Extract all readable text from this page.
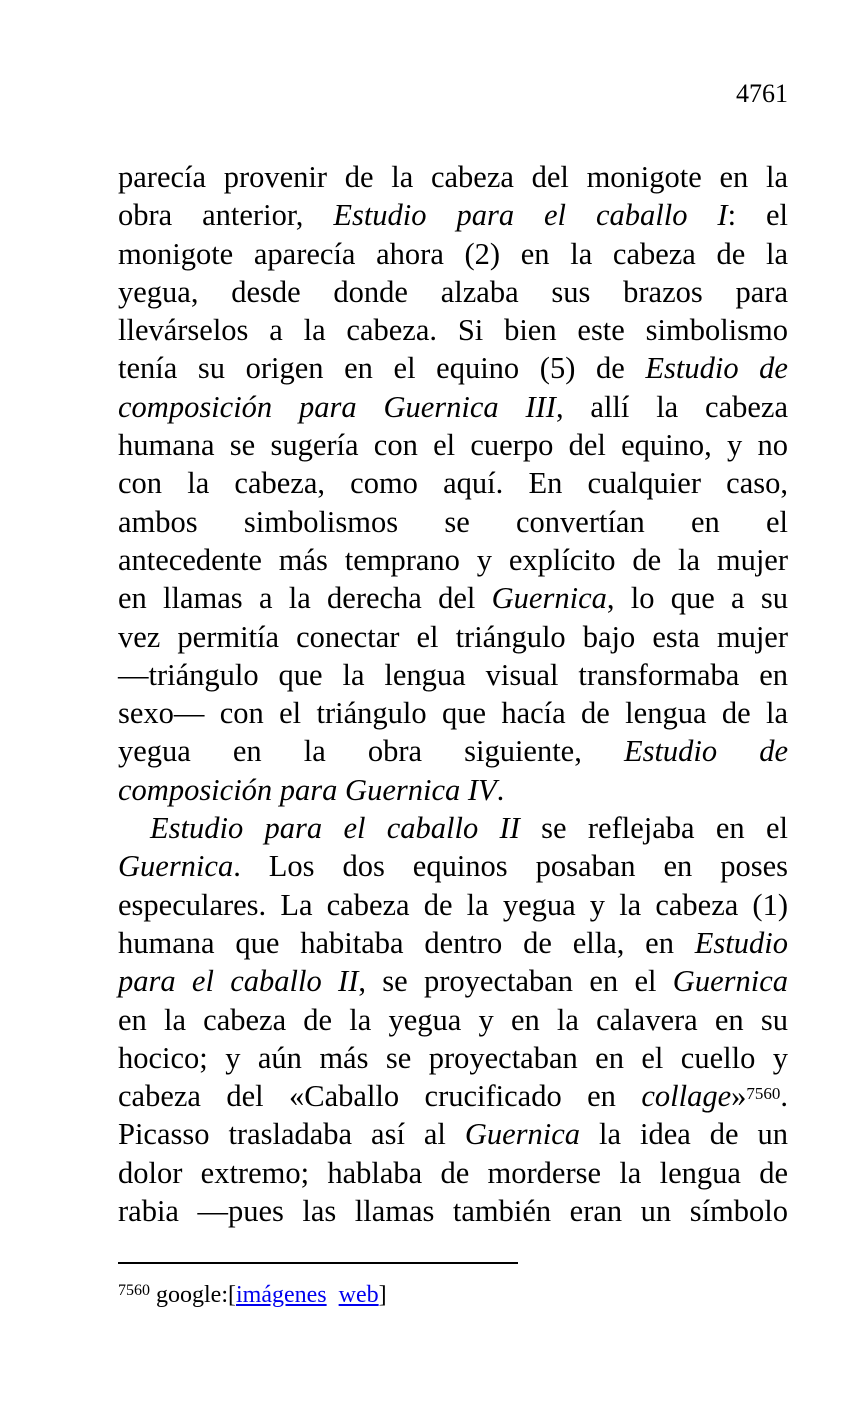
4761
parecía provenir de la cabeza del monigote en la
obra anterior, Estudio para el caballo I: el
monigote aparecía ahora (2) en la cabeza de la
yegua, desde donde alzaba sus brazos para
llevárselos a la cabeza. Si bien este simbolismo
tenía su origen en el equino (5) de Estudio de
composición para Guernica III, allí la cabeza
humana se sugería con el cuerpo del equino, y no
con la cabeza, como aquí. En cualquier caso,
ambos simbolismos se convertían en el
antecedente más temprano y explícito de la mujer
en llamas a la derecha del Guernica, lo que a su
vez permitía conectar el triángulo bajo esta mujer
—triángulo que la lengua visual transformaba en
sexo— con el triángulo que hacía de lengua de la
yegua en la obra siguiente, Estudio de
composición para Guernica IV.
Estudio para el caballo II se reflejaba en el
Guernica. Los dos equinos posaban en poses
especulares. La cabeza de la yegua y la cabeza (1)
humana que habitaba dentro de ella, en Estudio
para el caballo II, se proyectaban en el Guernica
en la cabeza de la yegua y en la calavera en su
hocico; y aún más se proyectaban en el cuello y
cabeza del «Caballo crucificado en collage»$^{7560}$.
Picasso trasladaba así al Guernica la idea de un
dolor extremo; hablaba de morderse la lengua de
rabia —pues las llamas también eran un símbolo
$^{7560}$ google:[imágenes web]
